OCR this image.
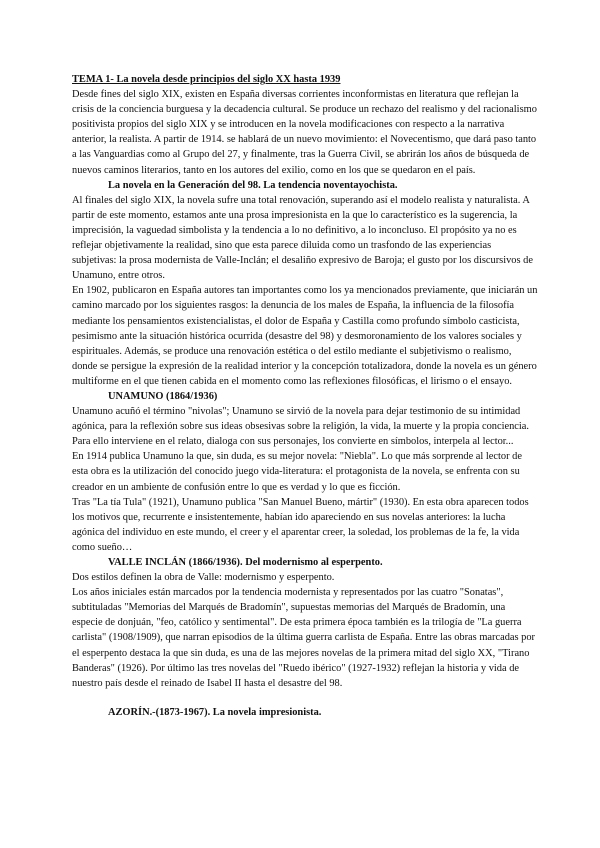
TEMA 1- La novela desde principios del siglo XX hasta 1939

Desde fines del siglo XIX, existen en España diversas corrientes inconformistas en literatura que reflejan la crisis de la conciencia burguesa y la decadencia cultural. Se produce un rechazo del realismo y del racionalismo positivista propios del siglo XIX y se introducen en la novela modificaciones con respecto a la narrativa anterior, la realista. A partir de 1914. se hablará de un nuevo movimiento: el Novecentismo, que dará paso tanto a las Vanguardias como al Grupo del 27, y finalmente, tras la Guerra Civil, se abrirán los años de búsqueda de nuevos caminos literarios, tanto en los autores del exilio, como en los que se quedaron en el país.

La novela en la Generación del 98. La tendencia noventayochista.

Al finales del siglo XIX, la novela sufre una total renovación, superando así el modelo realista y naturalista. A partir de este momento, estamos ante una prosa impresionista en la que lo característico es la sugerencia, la imprecisión, la vaguedad simbolista y la tendencia a lo no definitivo, a lo inconcluso. El propósito ya no es reflejar objetivamente la realidad, sino que esta parece diluida como un trasfondo de las experiencias subjetivas: la prosa modernista de Valle-Inclán; el desaliño expresivo de Baroja; el gusto por los discursivos de Unamuno, entre otros.

En 1902, publicaron en España autores tan importantes como los ya mencionados previamente, que iniciarán un camino marcado por los siguientes rasgos: la denuncia de los males de España, la influencia de la filosofía mediante los pensamientos existencialistas, el dolor de España y Castilla como profundo símbolo casticista, pesimismo ante la situación histórica ocurrida (desastre del 98) y desmoronamiento de los valores sociales y espirituales. Además, se produce una renovación estética o del estilo mediante el subjetivismo o realismo, donde se persigue la expresión de la realidad interior y la concepción totalizadora, donde la novela es un género multiforme en el que tienen cabida en el momento como las reflexiones filosóficas, el lirismo o el ensayo.

UNAMUNO (1864/1936)

Unamuno acuñó el término "nivolas"; Unamuno se sirvió de la novela para dejar testimonio de su intimidad agónica, para la reflexión sobre sus ideas obsesivas sobre la religión, la vida, la muerte y la propia conciencia. Para ello interviene en el relato, dialoga con sus personajes, los convierte en símbolos, interpela al lector...

En 1914 publica Unamuno la que, sin duda, es su mejor novela: "Niebla". Lo que más sorprende al lector de esta obra es la utilización del conocido juego vida-literatura: el protagonista de la novela, se enfrenta con su creador en un ambiente de confusión entre lo que es verdad y lo que es ficción.

Tras "La tía Tula" (1921), Unamuno publica "San Manuel Bueno, mártir" (1930). En esta obra aparecen todos los motivos que, recurrente e insistentemente, habían ido apareciendo en sus novelas anteriores: la lucha agónica del individuo en este mundo, el creer y el aparentar creer, la soledad, los problemas de la fe, la vida como sueño…

VALLE INCLÁN (1866/1936). Del modernismo al esperpento.

Dos estilos definen la obra de Valle: modernismo y esperpento.

Los años iniciales están marcados por la tendencia modernista y representados por las cuatro "Sonatas", subtituladas "Memorias del Marqués de Bradomín", supuestas memorias del Marqués de Bradomín, una especie de donjuán, "feo, católico y sentimental". De esta primera época también es la trilogía de "La guerra carlista" (1908/1909), que narran episodios de la última guerra carlista de España. Entre las obras marcadas por el esperpento destaca la que sin duda, es una de las mejores novelas de la primera mitad del siglo XX, "Tirano Banderas" (1926). Por último las tres novelas del "Ruedo ibérico" (1927-1932) reflejan la historia y vida de nuestro país desde el reinado de Isabel II hasta el desastre del 98.

AZORÍN.-(1873-1967). La novela impresionista.
